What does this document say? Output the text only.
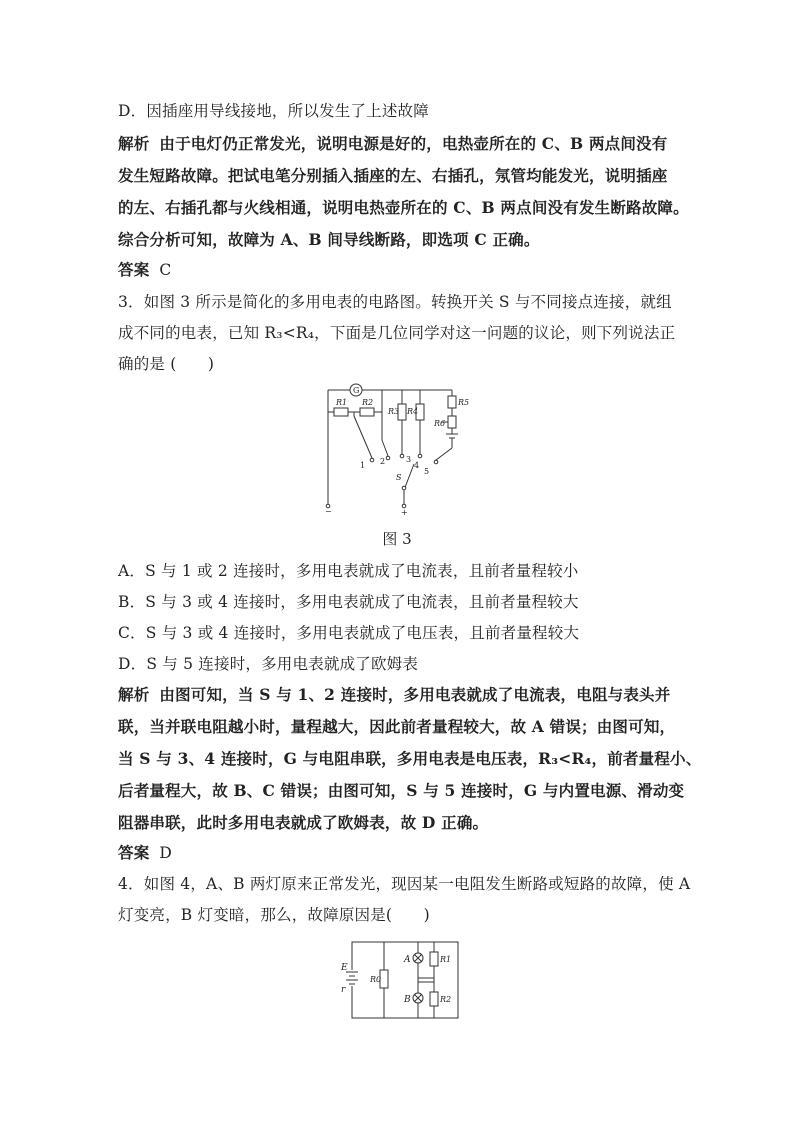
D．因插座用导线接地，所以发生了上述故障
解析 由于电灯仍正常发光，说明电源是好的，电热壶所在的 C、B 两点间没有
发生短路故障。把试电笔分别插入插座的左、右插孔，氖管均能发光，说明插座
的左、右插孔都与火线相通，说明电热壶所在的 C、B 两点间没有发生断路故障。
综合分析可知，故障为 A、B 间导线断路，即选项 C 正确。
答案 C
3．如图 3 所示是简化的多用电表的电路图。转换开关 S 与不同接点连接，就组
成不同的电表，已知 R₃<R₄，下面是几位同学对这一问题的议论，则下列说法正
确的是 (　　)
G
R1 R2
R3 R4
R5
R6
1 2	3
4
5
S
−	+
图 3
A．S 与 1 或 2 连接时，多用电表就成了电流表，且前者量程较小
B．S 与 3 或 4 连接时，多用电表就成了电流表，且前者量程较大
C．S 与 3 或 4 连接时，多用电表就成了电压表，且前者量程较大
D．S 与 5 连接时，多用电表就成了欧姆表
解析 由图可知，当 S 与 1、2 连接时，多用电表就成了电流表，电阻与表头并
联，当并联电阻越小时，量程越大，因此前者量程较大，故 A 错误；由图可知，
当 S 与 3、4 连接时，G 与电阻串联，多用电表是电压表，R₃<R₄，前者量程小、
后者量程大，故 B、C 错误；由图可知，S 与 5 连接时，G 与内置电源、滑动变
阻器串联，此时多用电表就成了欧姆表，故 D 正确。
答案 D
4．如图 4，A、B 两灯原来正常发光，现因某一电阻发生断路或短路的故障，使 A
灯变亮，B 灯变暗，那么，故障原因是(　　)
E
r
R0
A	R1
B	R2
